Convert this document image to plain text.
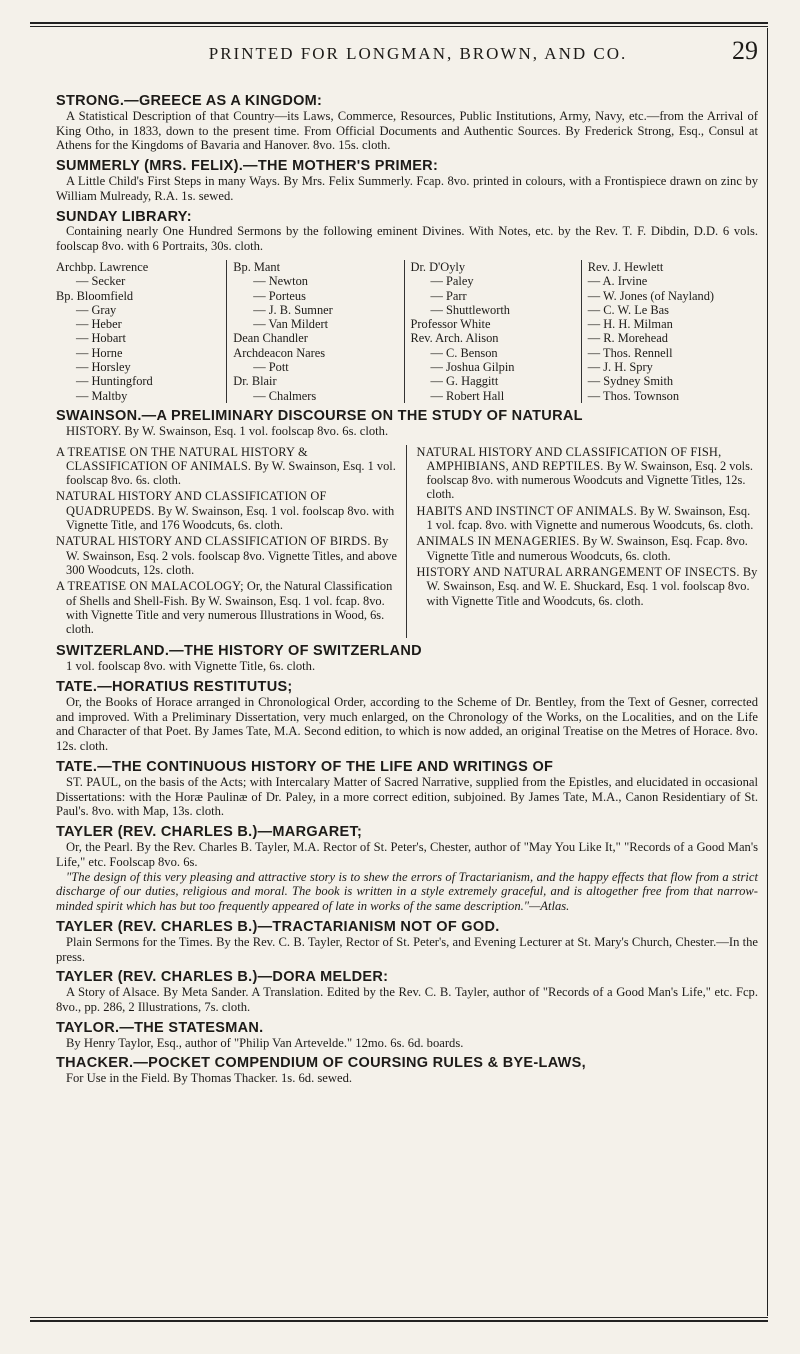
PRINTED FOR LONGMAN, BROWN, AND CO.	29
STRONG.—GREECE AS A KINGDOM:
A Statistical Description of that Country—its Laws, Commerce, Resources, Public Institutions, Army, Navy, etc.—from the Arrival of King Otho, in 1833, down to the present time. From Official Documents and Authentic Sources. By Frederick Strong, Esq., Consul at Athens for the Kingdoms of Bavaria and Hanover. 8vo. 15s. cloth.
SUMMERLY (MRS. FELIX).—THE MOTHER'S PRIMER:
A Little Child's First Steps in many Ways. By Mrs. Felix Summerly. Fcap. 8vo. printed in colours, with a Frontispiece drawn on zinc by William Mulready, R.A. 1s. sewed.
SUNDAY LIBRARY:
Containing nearly One Hundred Sermons by the following eminent Divines. With Notes, etc. by the Rev. T. F. Dibdin, D.D. 6 vols. foolscap 8vo. with 6 Portraits, 30s. cloth.
Archbp. Lawrence
— Secker
Bp. Bloomfield
— Gray
— Heber
— Hobart
— Horne
— Horsley
— Huntingford
— Maltby
Bp. Mant
— Newton
— Porteus
— J. B. Sumner
— Van Mildert
Dean Chandler
Archdeacon Nares
— Pott
Dr. Blair
— Chalmers
Dr. D'Oyly
— Paley
— Parr
— Shuttleworth
Professor White
Rev. Arch. Alison
— C. Benson
— Joshua Gilpin
— G. Haggitt
— Robert Hall
Rev. J. Hewlett
— A. Irvine
— W. Jones (of Nayland)
— C. W. Le Bas
— H. H. Milman
— R. Morehead
— Thos. Rennell
— J. H. Spry
— Sydney Smith
— Thos. Townson
SWAINSON.—A PRELIMINARY DISCOURSE ON THE STUDY OF NATURAL
HISTORY. By W. Swainson, Esq. 1 vol. foolscap 8vo. 6s. cloth.
A TREATISE ON THE NATURAL HISTORY & CLASSIFICATION OF ANIMALS. By W. Swainson, Esq. 1 vol. foolscap 8vo. 6s. cloth.
NATURAL HISTORY AND CLASSIFICATION OF QUADRUPEDS. By W. Swainson, Esq. 1 vol. foolscap 8vo. with Vignette Title, and 176 Woodcuts, 6s. cloth.
NATURAL HISTORY AND CLASSIFICATION OF BIRDS. By W. Swainson, Esq. 2 vols. foolscap 8vo. Vignette Titles, and above 300 Woodcuts, 12s. cloth.
A TREATISE ON MALACOLOGY; Or, the Natural Classification of Shells and Shell-Fish. By W. Swainson, Esq. 1 vol. fcap. 8vo. with Vignette Title and very numerous Illustrations in Wood, 6s. cloth.
NATURAL HISTORY AND CLASSIFICATION OF FISH, AMPHIBIANS, AND REPTILES. By W. Swainson, Esq. 2 vols. foolscap 8vo. with numerous Woodcuts and Vignette Titles, 12s. cloth.
HABITS AND INSTINCT OF ANIMALS. By W. Swainson, Esq. 1 vol. fcap. 8vo. with Vignette and numerous Woodcuts, 6s. cloth.
ANIMALS IN MENAGERIES. By W. Swainson, Esq. Fcap. 8vo. Vignette Title and numerous Woodcuts, 6s. cloth.
HISTORY AND NATURAL ARRANGEMENT OF INSECTS. By W. Swainson, Esq. and W. E. Shuckard, Esq. 1 vol. foolscap 8vo. with Vignette Title and Woodcuts, 6s. cloth.
SWITZERLAND.—THE HISTORY OF SWITZERLAND
1 vol. foolscap 8vo. with Vignette Title, 6s. cloth.
TATE.—HORATIUS RESTITUTUS;
Or, the Books of Horace arranged in Chronological Order, according to the Scheme of Dr. Bentley, from the Text of Gesner, corrected and improved. With a Preliminary Dissertation, very much enlarged, on the Chronology of the Works, on the Localities, and on the Life and Character of that Poet. By James Tate, M.A. Second edition, to which is now added, an original Treatise on the Metres of Horace. 8vo. 12s. cloth.
TATE.—THE CONTINUOUS HISTORY OF THE LIFE AND WRITINGS OF
ST. PAUL, on the basis of the Acts; with Intercalary Matter of Sacred Narrative, supplied from the Epistles, and elucidated in occasional Dissertations: with the Horæ Paulinæ of Dr. Paley, in a more correct edition, subjoined. By James Tate, M.A., Canon Residentiary of St. Paul's. 8vo. with Map, 13s. cloth.
TAYLER (REV. CHARLES B.)—MARGARET;
Or, the Pearl. By the Rev. Charles B. Tayler, M.A. Rector of St. Peter's, Chester, author of "May You Like It," "Records of a Good Man's Life," etc. Foolscap 8vo. 6s.
"The design of this very pleasing and attractive story is to shew the errors of Tractarianism, and the happy effects that flow from a strict discharge of our duties, religious and moral. The book is written in a style extremely graceful, and is altogether free from that narrow-minded spirit which has but too frequently appeared of late in works of the same description."—Atlas.
TAYLER (REV. CHARLES B.)—TRACTARIANISM NOT OF GOD.
Plain Sermons for the Times. By the Rev. C. B. Tayler, Rector of St. Peter's, and Evening Lecturer at St. Mary's Church, Chester.—In the press.
TAYLER (REV. CHARLES B.)—DORA MELDER:
A Story of Alsace. By Meta Sander. A Translation. Edited by the Rev. C. B. Tayler, author of "Records of a Good Man's Life," etc. Fcp. 8vo., pp. 286, 2 Illustrations, 7s. cloth.
TAYLOR.—THE STATESMAN.
By Henry Taylor, Esq., author of "Philip Van Artevelde." 12mo. 6s. 6d. boards.
THACKER.—POCKET COMPENDIUM OF COURSING RULES & BYE-LAWS,
For Use in the Field. By Thomas Thacker. 1s. 6d. sewed.
